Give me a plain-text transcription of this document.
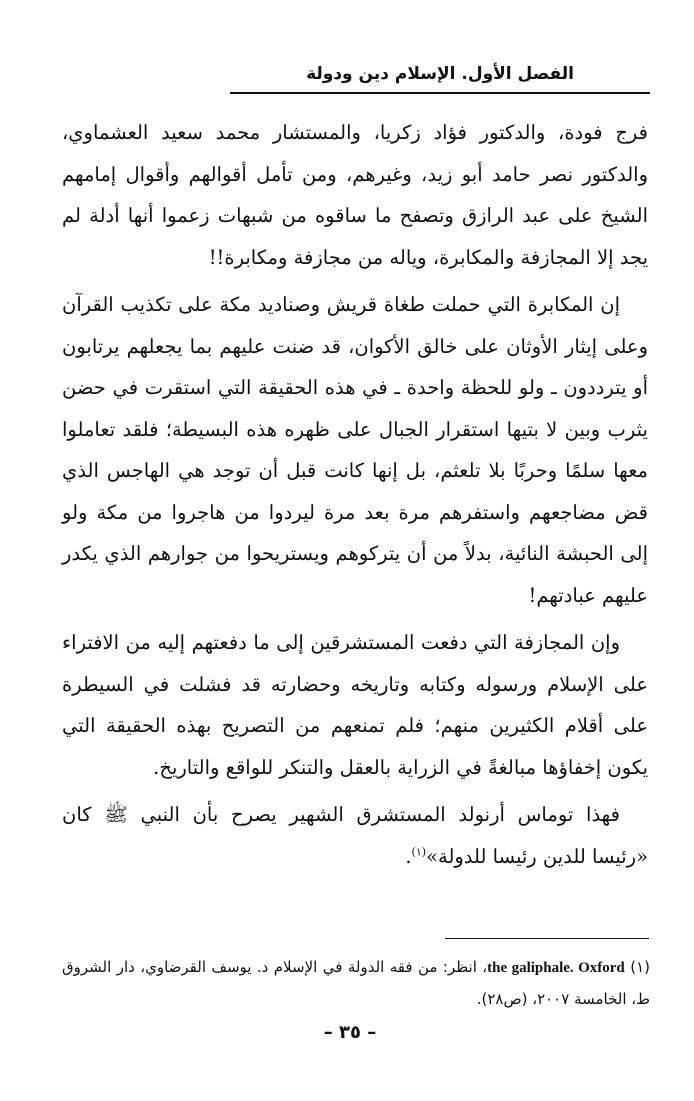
الفصل الأول. الإسلام دين ودولة

فرج فودة، والدكتور فؤاد زكريا، والمستشار محمد سعيد العشماوي، والدكتور نصر حامد أبو زيد، وغيرهم، ومن تأمل أقوالهم وأقوال إمامهم الشيخ على عبد الرازق وتصفح ما ساقوه من شبهات زعموا أنها أدلة لم يجد إلا المجازفة والمكابرة، وياله من مجازفة ومكابرة!!

إن المكابرة التي حملت طغاة قريش وصناديد مكة على تكذيب القرآن وعلى إيثار الأوثان على خالق الأكوان، قد ضنت عليهم بما يجعلهم يرتابون أو يترددون ـ ولو للحظة واحدة ـ في هذه الحقيقة التي استقرت في حضن يثرب وبين لا بتيها استقرار الجبال على ظهره هذه البسيطة؛ فلقد تعاملوا معها سلمًا وحربًا بلا تلعثم، بل إنها كانت قبل أن توجد هي الهاجس الذي قض مضاجعهم واستفرهم مرة بعد مرة ليردوا من هاجروا من مكة ولو إلى الحبشة النائية، بدلاً من أن يتركوهم ويستريحوا من جوارهم الذي يكدر عليهم عبادتهم!

وإن المجازفة التي دفعت المستشرقين إلى ما دفعتهم إليه من الافتراء على الإسلام ورسوله وكتابه وتاريخه وحضارته قد فشلت في السيطرة على أقلام الكثيرين منهم؛ فلم تمنعهم من التصريح بهذه الحقيقة التي يكون إخفاؤها مبالغةً في الزراية بالعقل والتنكر للواقع والتاريخ.

فهذا توماس أرنولد المستشرق الشهير يصرح بأن النبي ﷺ كان «رئيسا للدين رئيسا للدولة»$^{(١)}$.

(١) the galiphale. Oxford، انظر: من فقه الدولة في الإسلام د. يوسف القرضاوي، دار الشروق ط، الخامسة ٢٠٠٧، (ص٢٨).

– ٣٥ –
